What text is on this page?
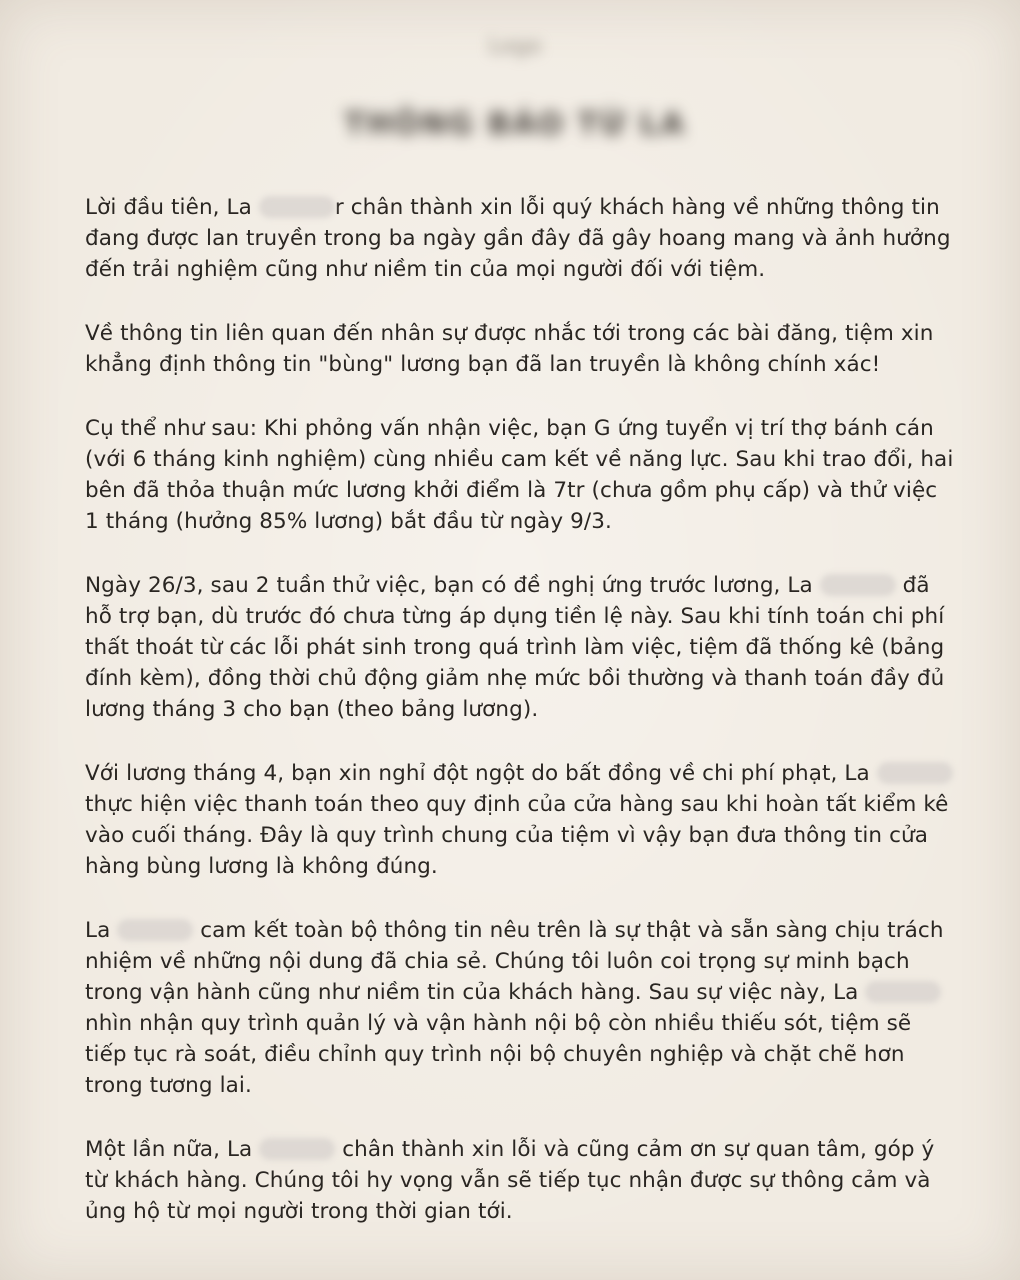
Logo
THÔNG BÁO TỪ LA

Lời đầu tiên, La	r chân thành xin lỗi quý khách hàng về những thông tin đang được lan truyền trong ba ngày gần đây đã gây hoang mang và ảnh hưởng đến trải nghiệm cũng như niềm tin của mọi người đối với tiệm.

Về thông tin liên quan đến nhân sự được nhắc tới trong các bài đăng, tiệm xin khẳng định thông tin "bùng" lương bạn đã lan truyền là không chính xác!

Cụ thể như sau: Khi phỏng vấn nhận việc, bạn G ứng tuyển vị trí thợ bánh cán (với 6 tháng kinh nghiệm) cùng nhiều cam kết về năng lực. Sau khi trao đổi, hai bên đã thỏa thuận mức lương khởi điểm là 7tr (chưa gồm phụ cấp) và thử việc 1 tháng (hưởng 85% lương) bắt đầu từ ngày 9/3.

Ngày 26/3, sau 2 tuần thử việc, bạn có đề nghị ứng trước lương, La	đã hỗ trợ bạn, dù trước đó chưa từng áp dụng tiền lệ này. Sau khi tính toán chi phí thất thoát từ các lỗi phát sinh trong quá trình làm việc, tiệm đã thống kê (bảng đính kèm), đồng thời chủ động giảm nhẹ mức bồi thường và thanh toán đầy đủ lương tháng 3 cho bạn (theo bảng lương).

Với lương tháng 4, bạn xin nghỉ đột ngột do bất đồng về chi phí phạt, La  thực hiện việc thanh toán theo quy định của cửa hàng sau khi hoàn tất kiểm kê vào cuối tháng. Đây là quy trình chung của tiệm vì vậy bạn đưa thông tin cửa hàng bùng lương là không đúng.

La	cam kết toàn bộ thông tin nêu trên là sự thật và sẵn sàng chịu trách nhiệm về những nội dung đã chia sẻ. Chúng tôi luôn coi trọng sự minh bạch trong vận hành cũng như niềm tin của khách hàng. Sau sự việc này, La  nhìn nhận quy trình quản lý và vận hành nội bộ còn nhiều thiếu sót, tiệm sẽ tiếp tục rà soát, điều chỉnh quy trình nội bộ chuyên nghiệp và chặt chẽ hơn trong tương lai.

Một lần nữa, La	chân thành xin lỗi và cũng cảm ơn sự quan tâm, góp ý từ khách hàng. Chúng tôi hy vọng vẫn sẽ tiếp tục nhận được sự thông cảm và ủng hộ từ mọi người trong thời gian tới.
